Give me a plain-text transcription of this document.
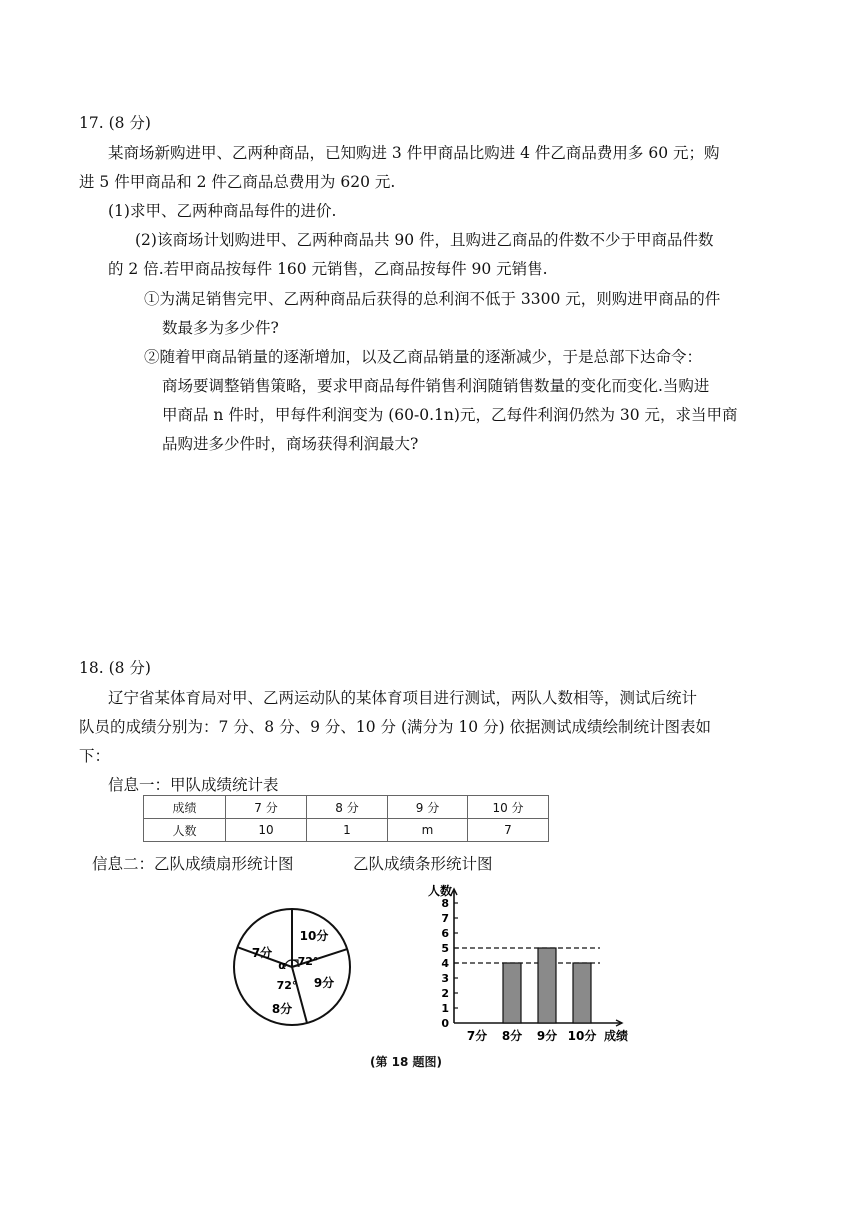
17. (8 分)
某商场新购进甲、乙两种商品，已知购进 3 件甲商品比购进 4 件乙商品费用多 60 元；购
进 5 件甲商品和 2 件乙商品总费用为 620 元.
(1)求甲、乙两种商品每件的进价.
(2)该商场计划购进甲、乙两种商品共 90 件，且购进乙商品的件数不少于甲商品件数
的 2 倍.若甲商品按每件 160 元销售，乙商品按每件 90 元销售.
①为满足销售完甲、乙两种商品后获得的总利润不低于 3300 元，则购进甲商品的件
数最多为多少件?
②随着甲商品销量的逐渐增加，以及乙商品销量的逐渐减少，于是总部下达命令：
商场要调整销售策略，要求甲商品每件销售利润随销售数量的变化而变化.当购进
甲商品 n 件时，甲每件利润变为 (60-0.1n)元，乙每件利润仍然为 30 元，求当甲商
品购进多少件时，商场获得利润最大?
18. (8 分)
辽宁省某体育局对甲、乙两运动队的某体育项目进行测试，两队人数相等，测试后统计
队员的成绩分别为：7 分、8 分、9 分、10 分 (满分为 10 分) 依据测试成绩绘制统计图表如
下：
信息一：甲队成绩统计表
成绩	7 分	8 分	9 分	10 分
人数	10	1	m	7
信息二：乙队成绩扇形统计图	乙队成绩条形统计图
10分
9分
8分
7分
72°
72°
α
0
1
2
3
4
5
6
7
8
人数
7分 8分 9分 10分 成绩
(第 18 题图)
